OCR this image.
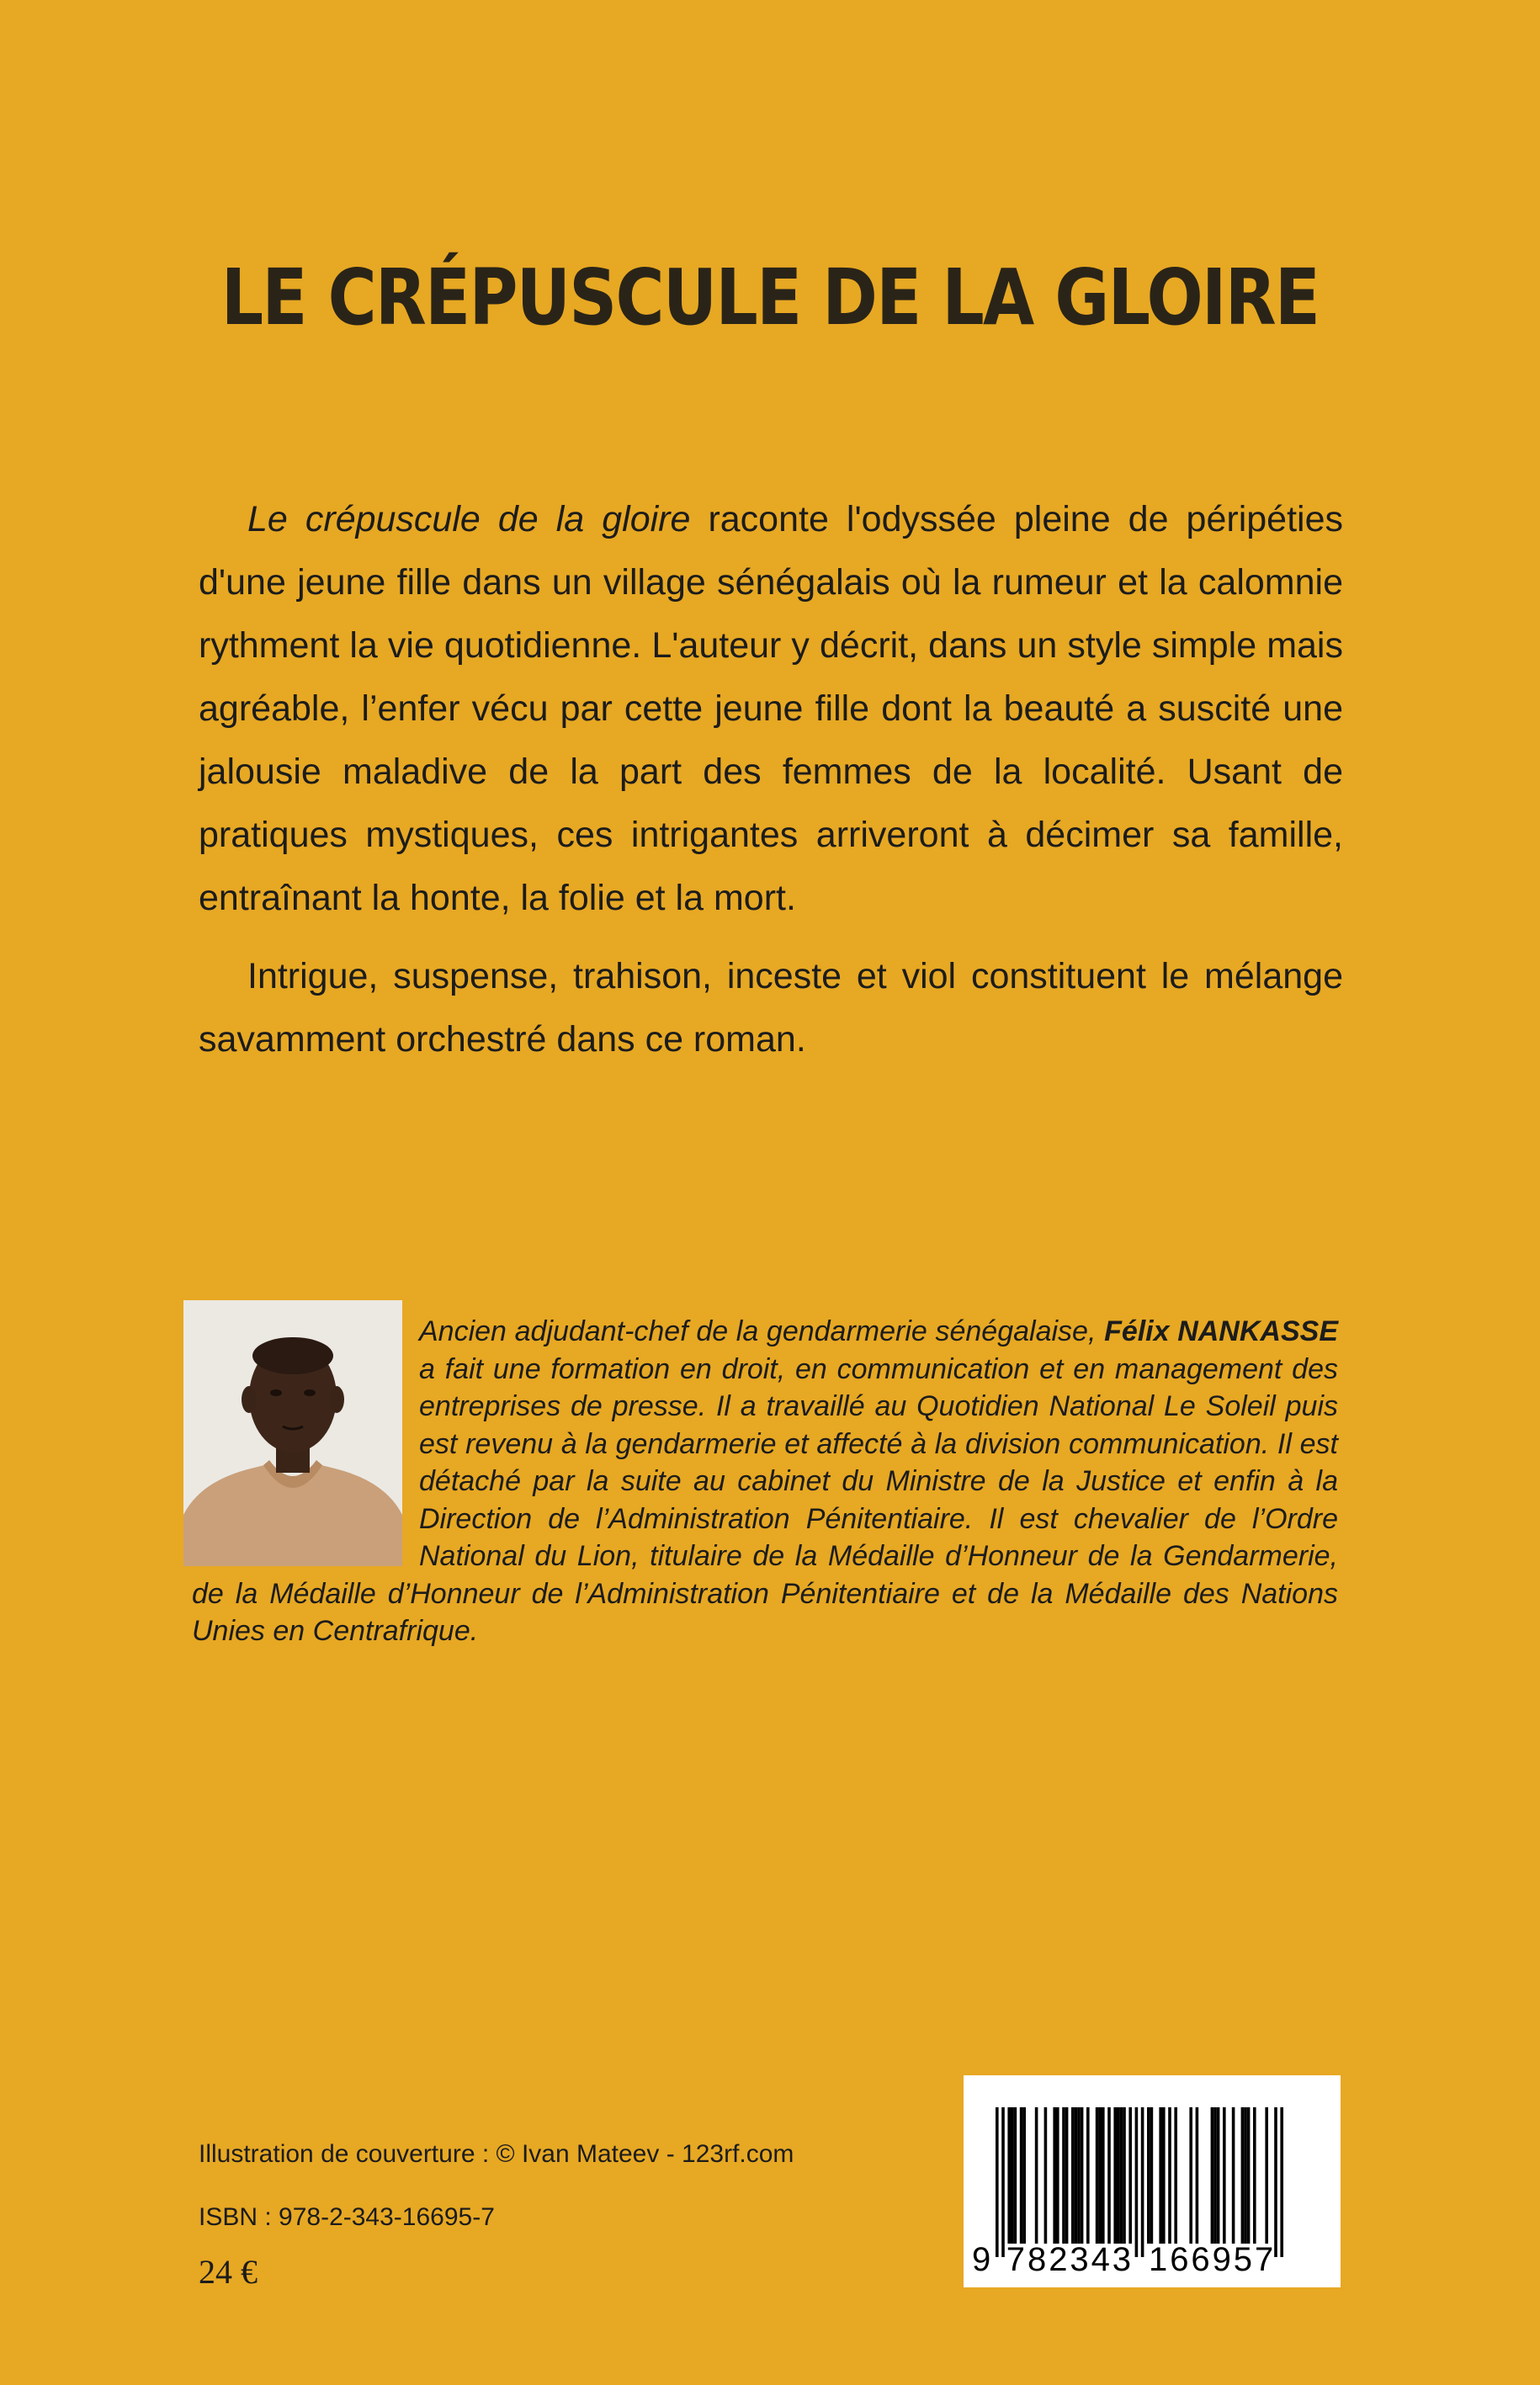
LE CRÉPUSCULE DE LA GLOIRE

Le crépuscule de la gloire raconte l'odyssée pleine de péripéties d'une jeune fille dans un village sénégalais où la rumeur et la calomnie rythment la vie quotidienne. L'auteur y décrit, dans un style simple mais agréable, l’enfer vécu par cette jeune fille dont la beauté a suscité une jalousie maladive de la part des femmes de la localité. Usant de pratiques mystiques, ces intrigantes arriveront à décimer sa famille, entraînant la honte, la folie et la mort.

Intrigue, suspense, trahison, inceste et viol constituent le mélange savamment orchestré dans ce roman.

Ancien adjudant-chef de la gendarmerie sénégalaise, Félix NANKASSE a fait une formation en droit, en communication et en management des entreprises de presse. Il a travaillé au Quotidien National Le Soleil puis est revenu à la gendarmerie et affecté à la division communication. Il est détaché par la suite au cabinet du Ministre de la Justice et enfin à la Direction de l’Administration Pénitentiaire. Il est chevalier de l’Ordre National du Lion, titulaire de la Médaille d’Honneur de la Gendarmerie, de la Médaille d’Honneur de l’Administration Pénitentiaire et de la Médaille des Nations Unies en Centrafrique.
Illustration de couverture : © Ivan Mateev - 123rf.com
ISBN : 978-2-343-16695-7
24 €	9 7 8 2 3 4 3 1 6 6 9 5 7
